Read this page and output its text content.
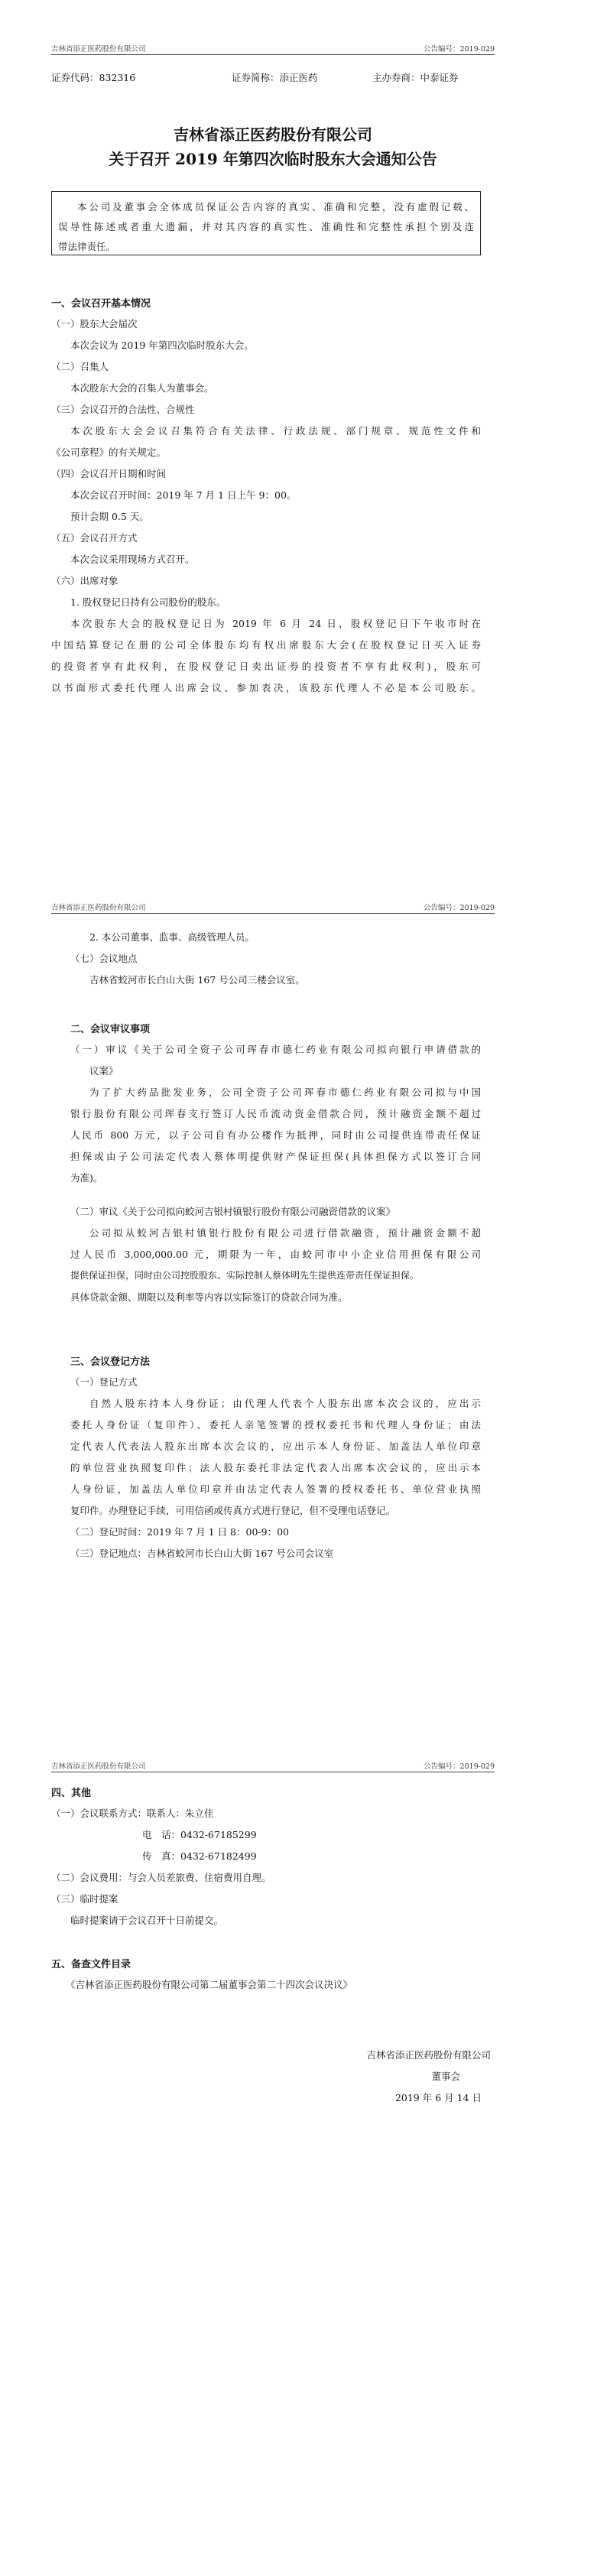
吉林省添正医药股份有限公司	公告编号：2019-029
证券代码：832316	证券简称：添正医药	主办券商：中泰证券
吉林省添正医药股份有限公司
关于召开 2019 年第四次临时股东大会通知公告
本公司及董事会全体成员保证公告内容的真实、准确和完整，没有虚假记载、
误导性陈述或者重大遗漏，并对其内容的真实性、准确性和完整性承担个别及连
带法律责任。
一、会议召开基本情况
（一）股东大会届次
本次会议为 2019 年第四次临时股东大会。
（二）召集人
本次股东大会的召集人为董事会。
（三）会议召开的合法性、合规性
本次股东大会会议召集符合有关法律、行政法规、部门规章、规范性文件和
《公司章程》的有关规定。
（四）会议召开日期和时间
本次会议召开时间：2019 年 7 月 1 日上午 9：00。
预计会期 0.5 天。
（五）会议召开方式
本次会议采用现场方式召开。
（六）出席对象
1. 股权登记日持有公司股份的股东。
本次股东大会的股权登记日为 2019 年 6 月 24 日，股权登记日下午收市时在
中国结算登记在册的公司全体股东均有权出席股东大会(在股权登记日买入证券
的投资者享有此权利，在股权登记日卖出证券的投资者不享有此权利)，股东可
以书面形式委托代理人出席会议、参加表决，该股东代理人不必是本公司股东。
吉林省添正医药股份有限公司	公告编号：2019-029
2. 本公司董事、监事、高级管理人员。
（七）会议地点
吉林省蛟河市长白山大街 167 号公司三楼会议室。
二、会议审议事项
（一）审议《关于公司全资子公司珲春市德仁药业有限公司拟向银行申请借款的
议案》
为了扩大药品批发业务，公司全资子公司珲春市德仁药业有限公司拟与中国
银行股份有限公司珲春支行签订人民币流动资金借款合同，预计融资金额不超过
人民币 800 万元，以子公司自有办公楼作为抵押，同时由公司提供连带责任保证
担保或由子公司法定代表人蔡体明提供财产保证担保(具体担保方式以签订合同
为准)。
（二）审议《关于公司拟向蛟河吉银村镇银行股份有限公司融资借款的议案》
公司拟从蛟河吉银村镇银行股份有限公司进行借款融资，预计融资金额不超
过人民币 3,000,000.00 元，期限为一年，由蛟河市中小企业信用担保有限公司
提供保证担保，同时由公司控股股东、实际控制人蔡体明先生提供连带责任保证担保。
具体贷款金额、期限以及利率等内容以实际签订的贷款合同为准。
三、会议登记方法
（一）登记方式
自然人股东持本人身份证；由代理人代表个人股东出席本次会议的，应出示
委托人身份证（复印件）、委托人亲笔签署的授权委托书和代理人身份证；由法
定代表人代表法人股东出席本次会议的，应出示本人身份证、加盖法人单位印章
的单位营业执照复印件；法人股东委托非法定代表人出席本次会议的，应出示本
人身份证，加盖法人单位印章并由法定代表人签署的授权委托书、单位营业执照
复印件。办理登记手续，可用信函或传真方式进行登记，但不受理电话登记。
（二）登记时间：2019 年 7 月 1 日 8：00-9：00
（三）登记地点：吉林省蛟河市长白山大街 167 号公司会议室
吉林省添正医药股份有限公司	公告编号：2019-029
四、其他
（一）会议联系方式：联系人：朱立佳
电　话：0432-67185299
传　真：0432-67182499
（二）会议费用：与会人员差旅费、住宿费用自理。
（三）临时提案
临时提案请于会议召开十日前提交。
五、备查文件目录
《吉林省添正医药股份有限公司第二届董事会第二十四次会议决议》
吉林省添正医药股份有限公司
董事会
2019 年 6 月 14 日
